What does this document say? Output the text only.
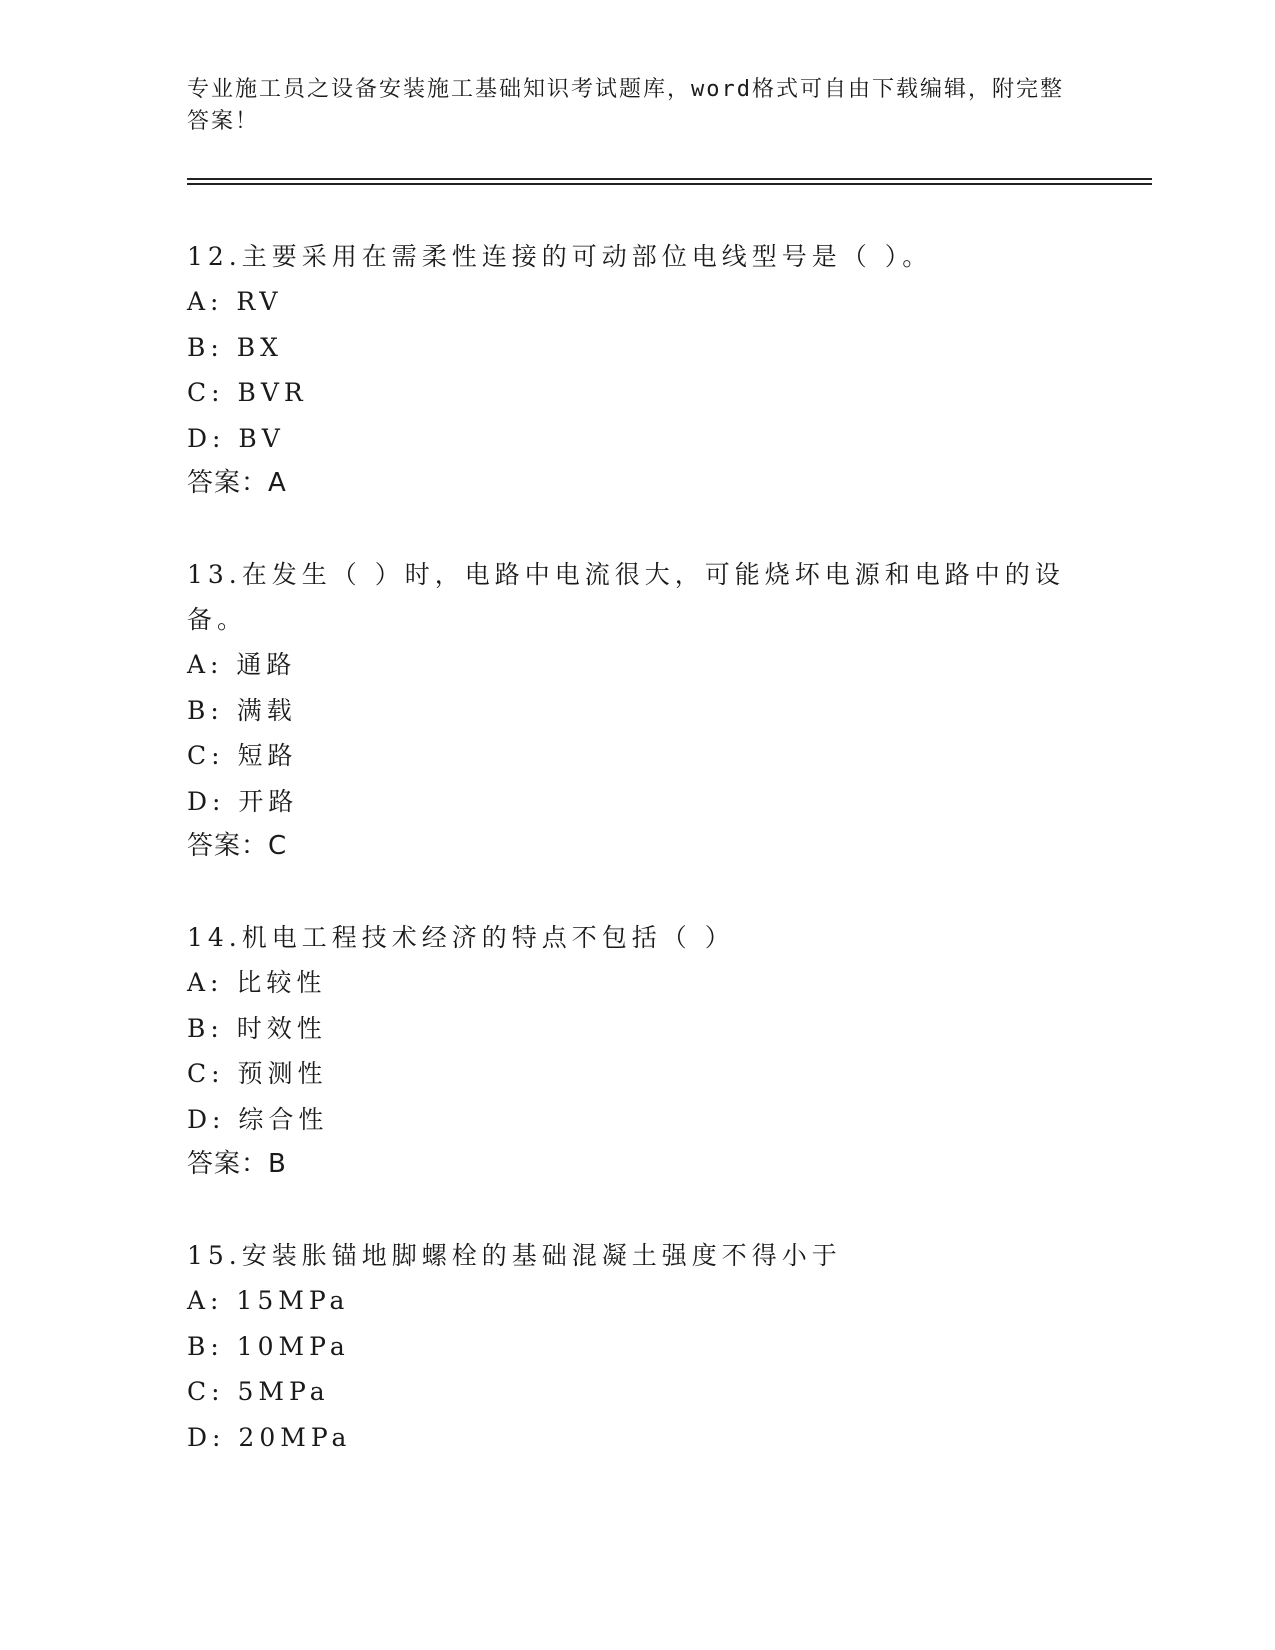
专业施工员之设备安装施工基础知识考试题库，word格式可自由下载编辑，附完整答案！
12.主要采用在需柔性连接的可动部位电线型号是（ ）。
A: RV
B: BX
C: BVR
D: BV
答案：A
13.在发生（ ）时，电路中电流很大，可能烧坏电源和电路中的设备。
A: 通路
B: 满载
C: 短路
D: 开路
答案：C
14.机电工程技术经济的特点不包括（ ）
A: 比较性
B: 时效性
C: 预测性
D: 综合性
答案：B
15.安装胀锚地脚螺栓的基础混凝土强度不得小于
A: 15MPa
B: 10MPa
C: 5MPa
D: 20MPa
